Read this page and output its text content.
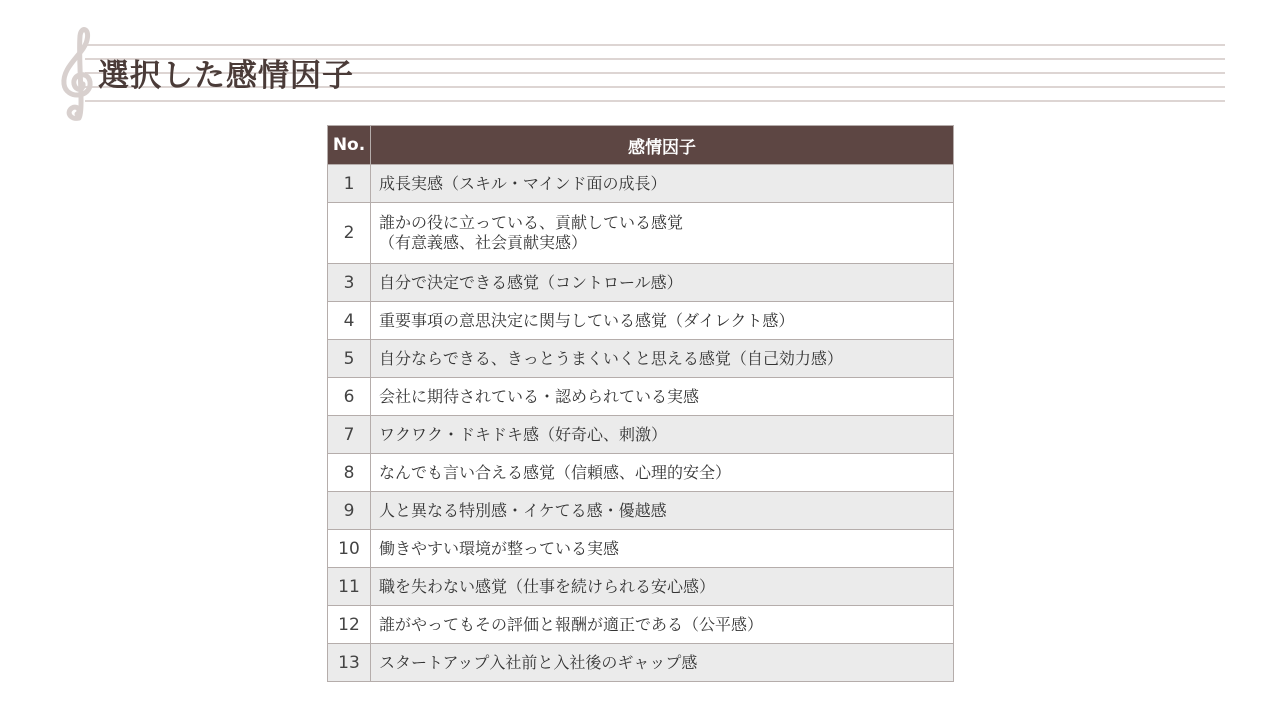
選択した感情因子
No.	感情因子
1	成長実感（スキル・マインド面の成長）
2	誰かの役に立っている、貢献している感覚
（有意義感、社会貢献実感）
3	自分で決定できる感覚（コントロール感）
4	重要事項の意思決定に関与している感覚（ダイレクト感）
5	自分ならできる、きっとうまくいくと思える感覚（自己効力感）
6	会社に期待されている・認められている実感
7	ワクワク・ドキドキ感（好奇心、刺激）
8	なんでも言い合える感覚（信頼感、心理的安全）
9	人と異なる特別感・イケてる感・優越感
10	働きやすい環境が整っている実感
11	職を失わない感覚（仕事を続けられる安心感）
12	誰がやってもその評価と報酬が適正である（公平感）
13	スタートアップ入社前と入社後のギャップ感
